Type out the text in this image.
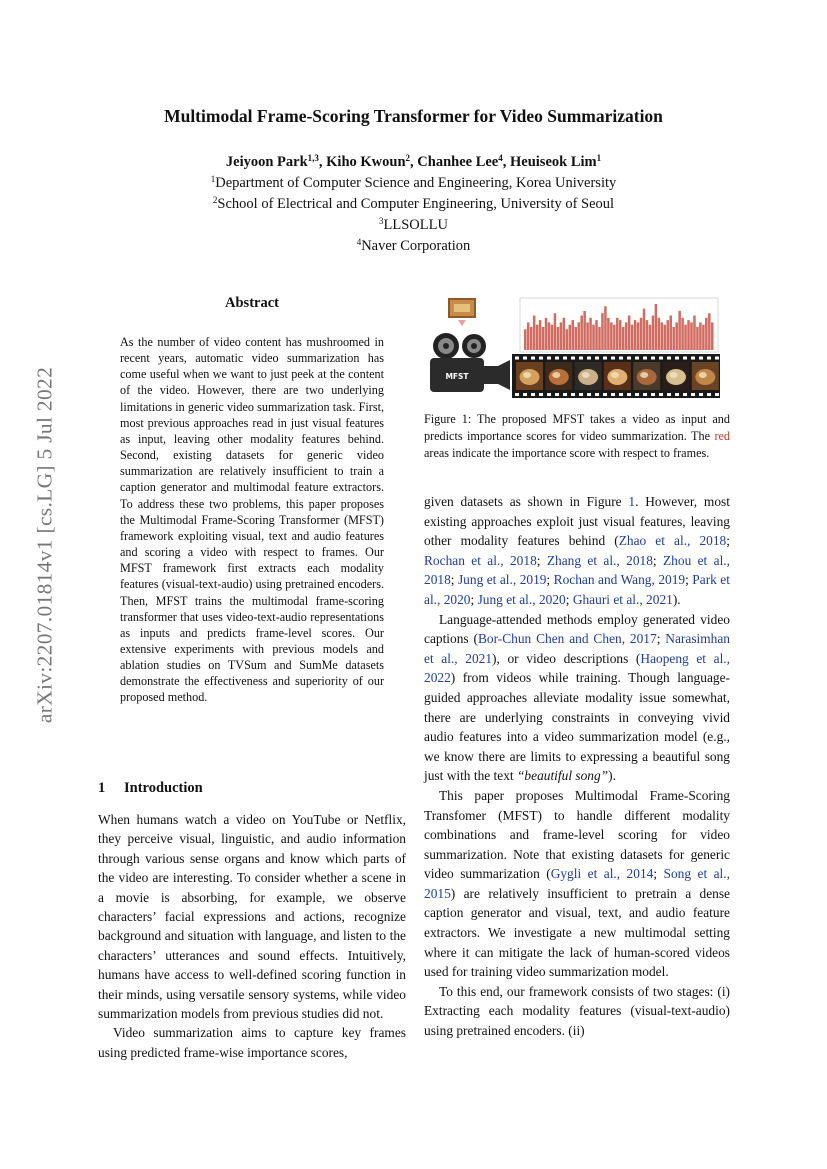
arXiv:2207.01814v1 [cs.LG] 5 Jul 2022
Multimodal Frame-Scoring Transformer for Video Summarization
Jeiyoon Park$^{1,3}$, Kiho Kwoun$^2$, Chanhee Lee$^4$, Heuiseok Lim$^1$
$^1$Department of Computer Science and Engineering, Korea University
$^2$School of Electrical and Computer Engineering, University of Seoul
$^3$LLSOLLU
$^4$Naver Corporation
Abstract
As the number of video content has mushroomed in recent years, automatic video summarization has come useful when we want to just peek at the content of the video. However, there are two underlying limitations in generic video summarization task. First, most previous approaches read in just visual features as input, leaving other modality features behind. Second, existing datasets for generic video summarization are relatively insufficient to train a caption generator and multimodal feature extractors. To address these two problems, this paper proposes the Multimodal Frame-Scoring Transformer (MFST) framework exploiting visual, text and audio features and scoring a video with respect to frames. Our MFST framework first extracts each modality features (visual-text-audio) using pretrained encoders. Then, MFST trains the multimodal frame-scoring transformer that uses video-text-audio representations as inputs and predicts frame-level scores. Our extensive experiments with previous models and ablation studies on TVSum and SumMe datasets demonstrate the effectiveness and superiority of our proposed method.
1 Introduction

When humans watch a video on YouTube or Netflix, they perceive visual, linguistic, and audio information through various sense organs and know which parts of the video are interesting. To consider whether a scene in a movie is absorbing, for example, we observe characters’ facial expressions and actions, recognize background and situation with language, and listen to the characters’ utterances and sound effects. Intuitively, humans have access to well-defined scoring function in their minds, using versatile sensory systems, while video summarization models from previous studies did not.

Video summarization aims to capture key frames using predicted frame-wise importance scores,

MFST
Figure 1: The proposed MFST takes a video as input and predicts importance scores for video summarization. The red areas indicate the importance score with respect to frames.

given datasets as shown in Figure 1. However, most existing approaches exploit just visual features, leaving other modality features behind (Zhao et al., 2018; Rochan et al., 2018; Zhang et al., 2018; Zhou et al., 2018; Jung et al., 2019; Rochan and Wang, 2019; Park et al., 2020; Jung et al., 2020; Ghauri et al., 2021).

Language-attended methods employ generated video captions (Bor-Chun Chen and Chen, 2017; Narasimhan et al., 2021), or video descriptions (Haopeng et al., 2022) from videos while training. Though language-guided approaches alleviate modality issue somewhat, there are underlying constraints in conveying vivid audio features into a video summarization model (e.g., we know there are limits to expressing a beautiful song just with the text “beautiful song”).

This paper proposes Multimodal Frame-Scoring Transfomer (MFST) to handle different modality combinations and frame-level scoring for video summarization. Note that existing datasets for generic video summarization (Gygli et al., 2014; Song et al., 2015) are relatively insufficient to pretrain a dense caption generator and visual, text, and audio feature extractors. We investigate a new multimodal setting where it can mitigate the lack of human-scored videos used for training video summarization model.

To this end, our framework consists of two stages: (i) Extracting each modality features (visual-text-audio) using pretrained encoders. (ii)
